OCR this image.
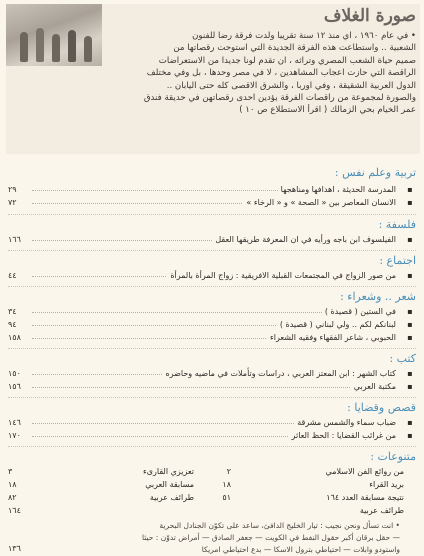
صورة الغلاف
• في عام ١٩٦٠ ، اي منذ ١٢ سنة تقريبا ولدت فرقة رضا للفنون
الشعبية .. واستطاعت هذه الفرقة الجديدة التي استوحت رقصاتها من
صميم حياة الشعب المصري وتراثه ، ان تقدم لونا جديدا من الاستعراضات
الراقصة التي حازت اعجاب المشاهدين ، لا في مصر وحدها ، بل وفي مختلف
الدول العربية الشقيقة ، وفي اوربا ، والشرق الاقصى كله حتى اليابان ..
والصورة لمجموعة من راقصات الفرقة يؤدين احدى رقصاتهن في حديقة فندق
عمر الخيام بحي الزمالك ( اقرأ الاستطلاع ص ١٠ )
تربية وعلم نفس :
▪
المدرسة الحديثة ، اهدافها ومناهجها
٢٩
▪
الانسان المعاصر بين « الصحة » و « الرخاء »
٧٢
فلسفة :
▪
الفيلسوف ابن باجه ورأيه في ان المعرفة طريقها العقل
١٦٦
اجتماع :
▪
من صور الزواج في المجتمعات القبلية الافريقية : زواج المرأة بالمرأة
٤٤
شعر .. وشعراء :
▪
في الستين ( قصيدة )
٣٤
▪
لبنانكم لكم .. ولي لبناني ( قصيدة )
٩٤
▪
الحبوبي ، شاعر الفقهاء وفقيه الشعراء
١٥٨
كتب :
▪
كتاب الشهر : ابن المعتز العربي ، دراسات وتأملات في ماضيه وحاضره
١٥٠
▪
مكتبة العربي
١٥٦
قصص وقضايا :
▪
ضباب سماء والشمس مشرقة
١٤٦
▪
من غرائب القضايا : الحظ العاثر
١٧٠
متنوعات :
من روائع الفن الاسلامي
٢
تعزيزي القارىء
٣
بريد القراء
١٨
مسابقة العربي
١٨
نتيجة مسابقة العدد ١٦٤
٥١
طرائف عربية
٨٢
طرائف عربية
١٦٤
• انت تسأل ونحن نجيب : تيار الخليج الدافئ، ساعد على تكوّن الجنادل البحرية
— حقل برقان أكبر حقول النفط في الكويت — جعفر الصادق — أمراض تدوّن : حيثا
واستودو وابلات — احتياطي بترول الاسكا — بدع احتياطي امريكا
١٣٦
